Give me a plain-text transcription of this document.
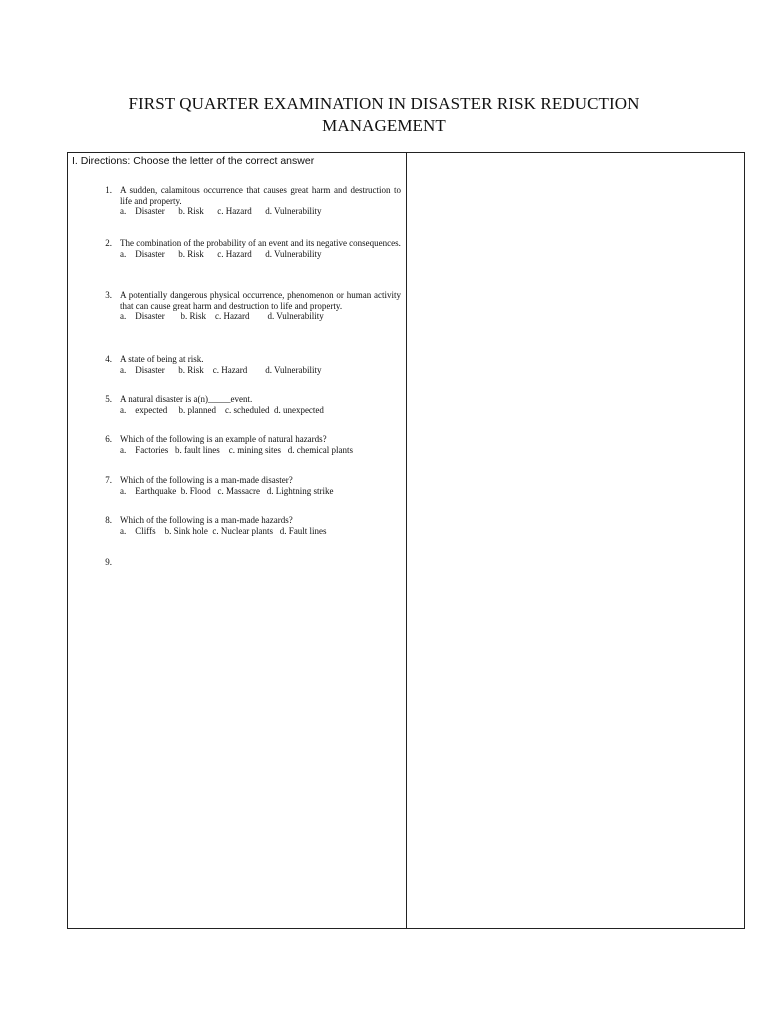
FIRST QUARTER EXAMINATION IN DISASTER RISK REDUCTION
MANAGEMENT
I. Directions: Choose the letter of the correct answer
1. A sudden, calamitous occurrence that causes great harm and destruction to life and property.
a.    Disaster      b. Risk      c. Hazard      d. Vulnerability
2. The combination of the probability of an event and its negative consequences.
a.    Disaster      b. Risk      c. Hazard      d. Vulnerability
3. A potentially dangerous physical occurrence, phenomenon or human activity that can cause great harm and destruction to life and property.
a.    Disaster       b. Risk    c. Hazard        d. Vulnerability
4. A state of being at risk.
a.    Disaster      b. Risk    c. Hazard        d. Vulnerability
5. A natural disaster is a(n)_____event.
a.    expected     b. planned    c. scheduled  d. unexpected
6. Which of the following is an example of natural hazards?
a.    Factories   b. fault lines    c. mining sites   d. chemical plants
7. Which of the following is a man-made disaster?
a.    Earthquake  b. Flood   c. Massacre   d. Lightning strike
8. Which of the following is a man-made hazards?
a.    Cliffs    b. Sink hole  c. Nuclear plants   d. Fault lines
9.
